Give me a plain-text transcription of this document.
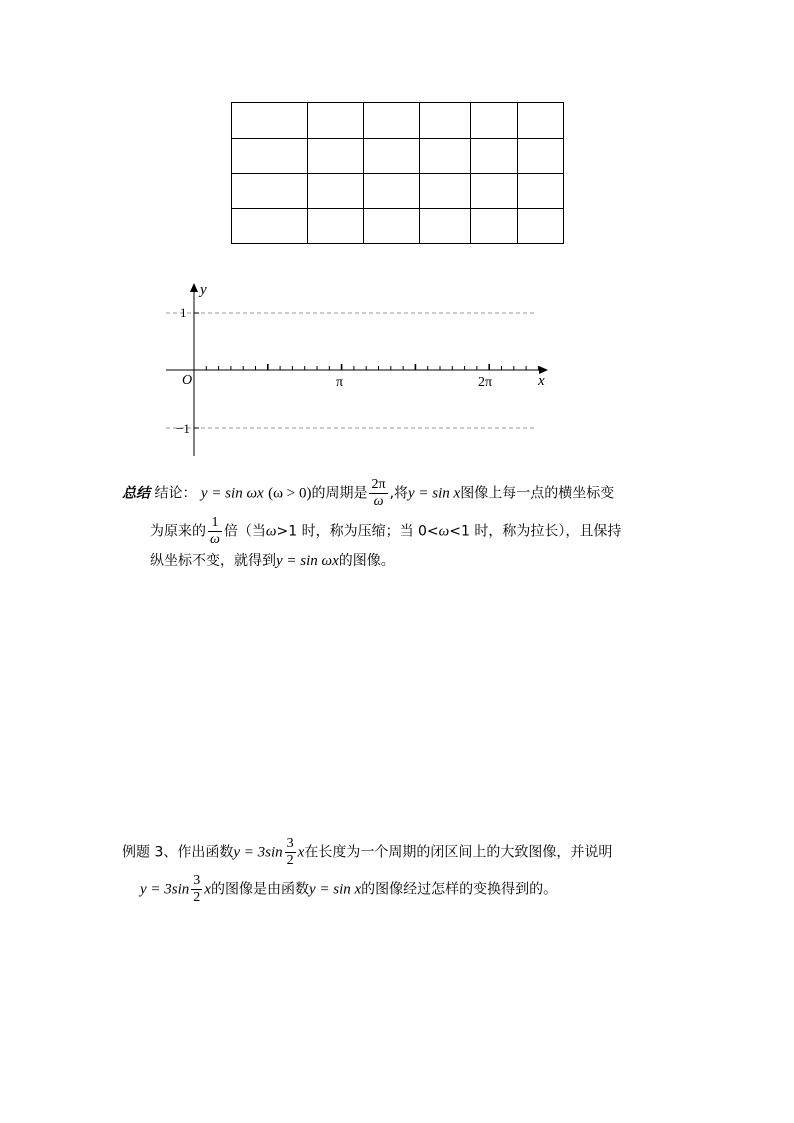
y
x
O	π	2π
1
−1
总结 结论： y = sin ωx (ω > 0)的周期是 $\frac{2\pi}{\omega}$ ,将y = sin x图像上每一点的横坐标变
为原来的 $\frac{1}{\omega}$ 倍（当ω>1 时，称为压缩；当 0<ω<1 时，称为拉长），且保持
纵坐标不变，就得到y = sin ωx的图像。
例题 3、作出函数$y = 3\sin \frac{3}{2}$ x在长度为一个周期的闭区间上的大致图像，并说明
$y = 3\sin \frac{3}{2}$ x的图像是由函数y = sin x的图像经过怎样的变换得到的。
